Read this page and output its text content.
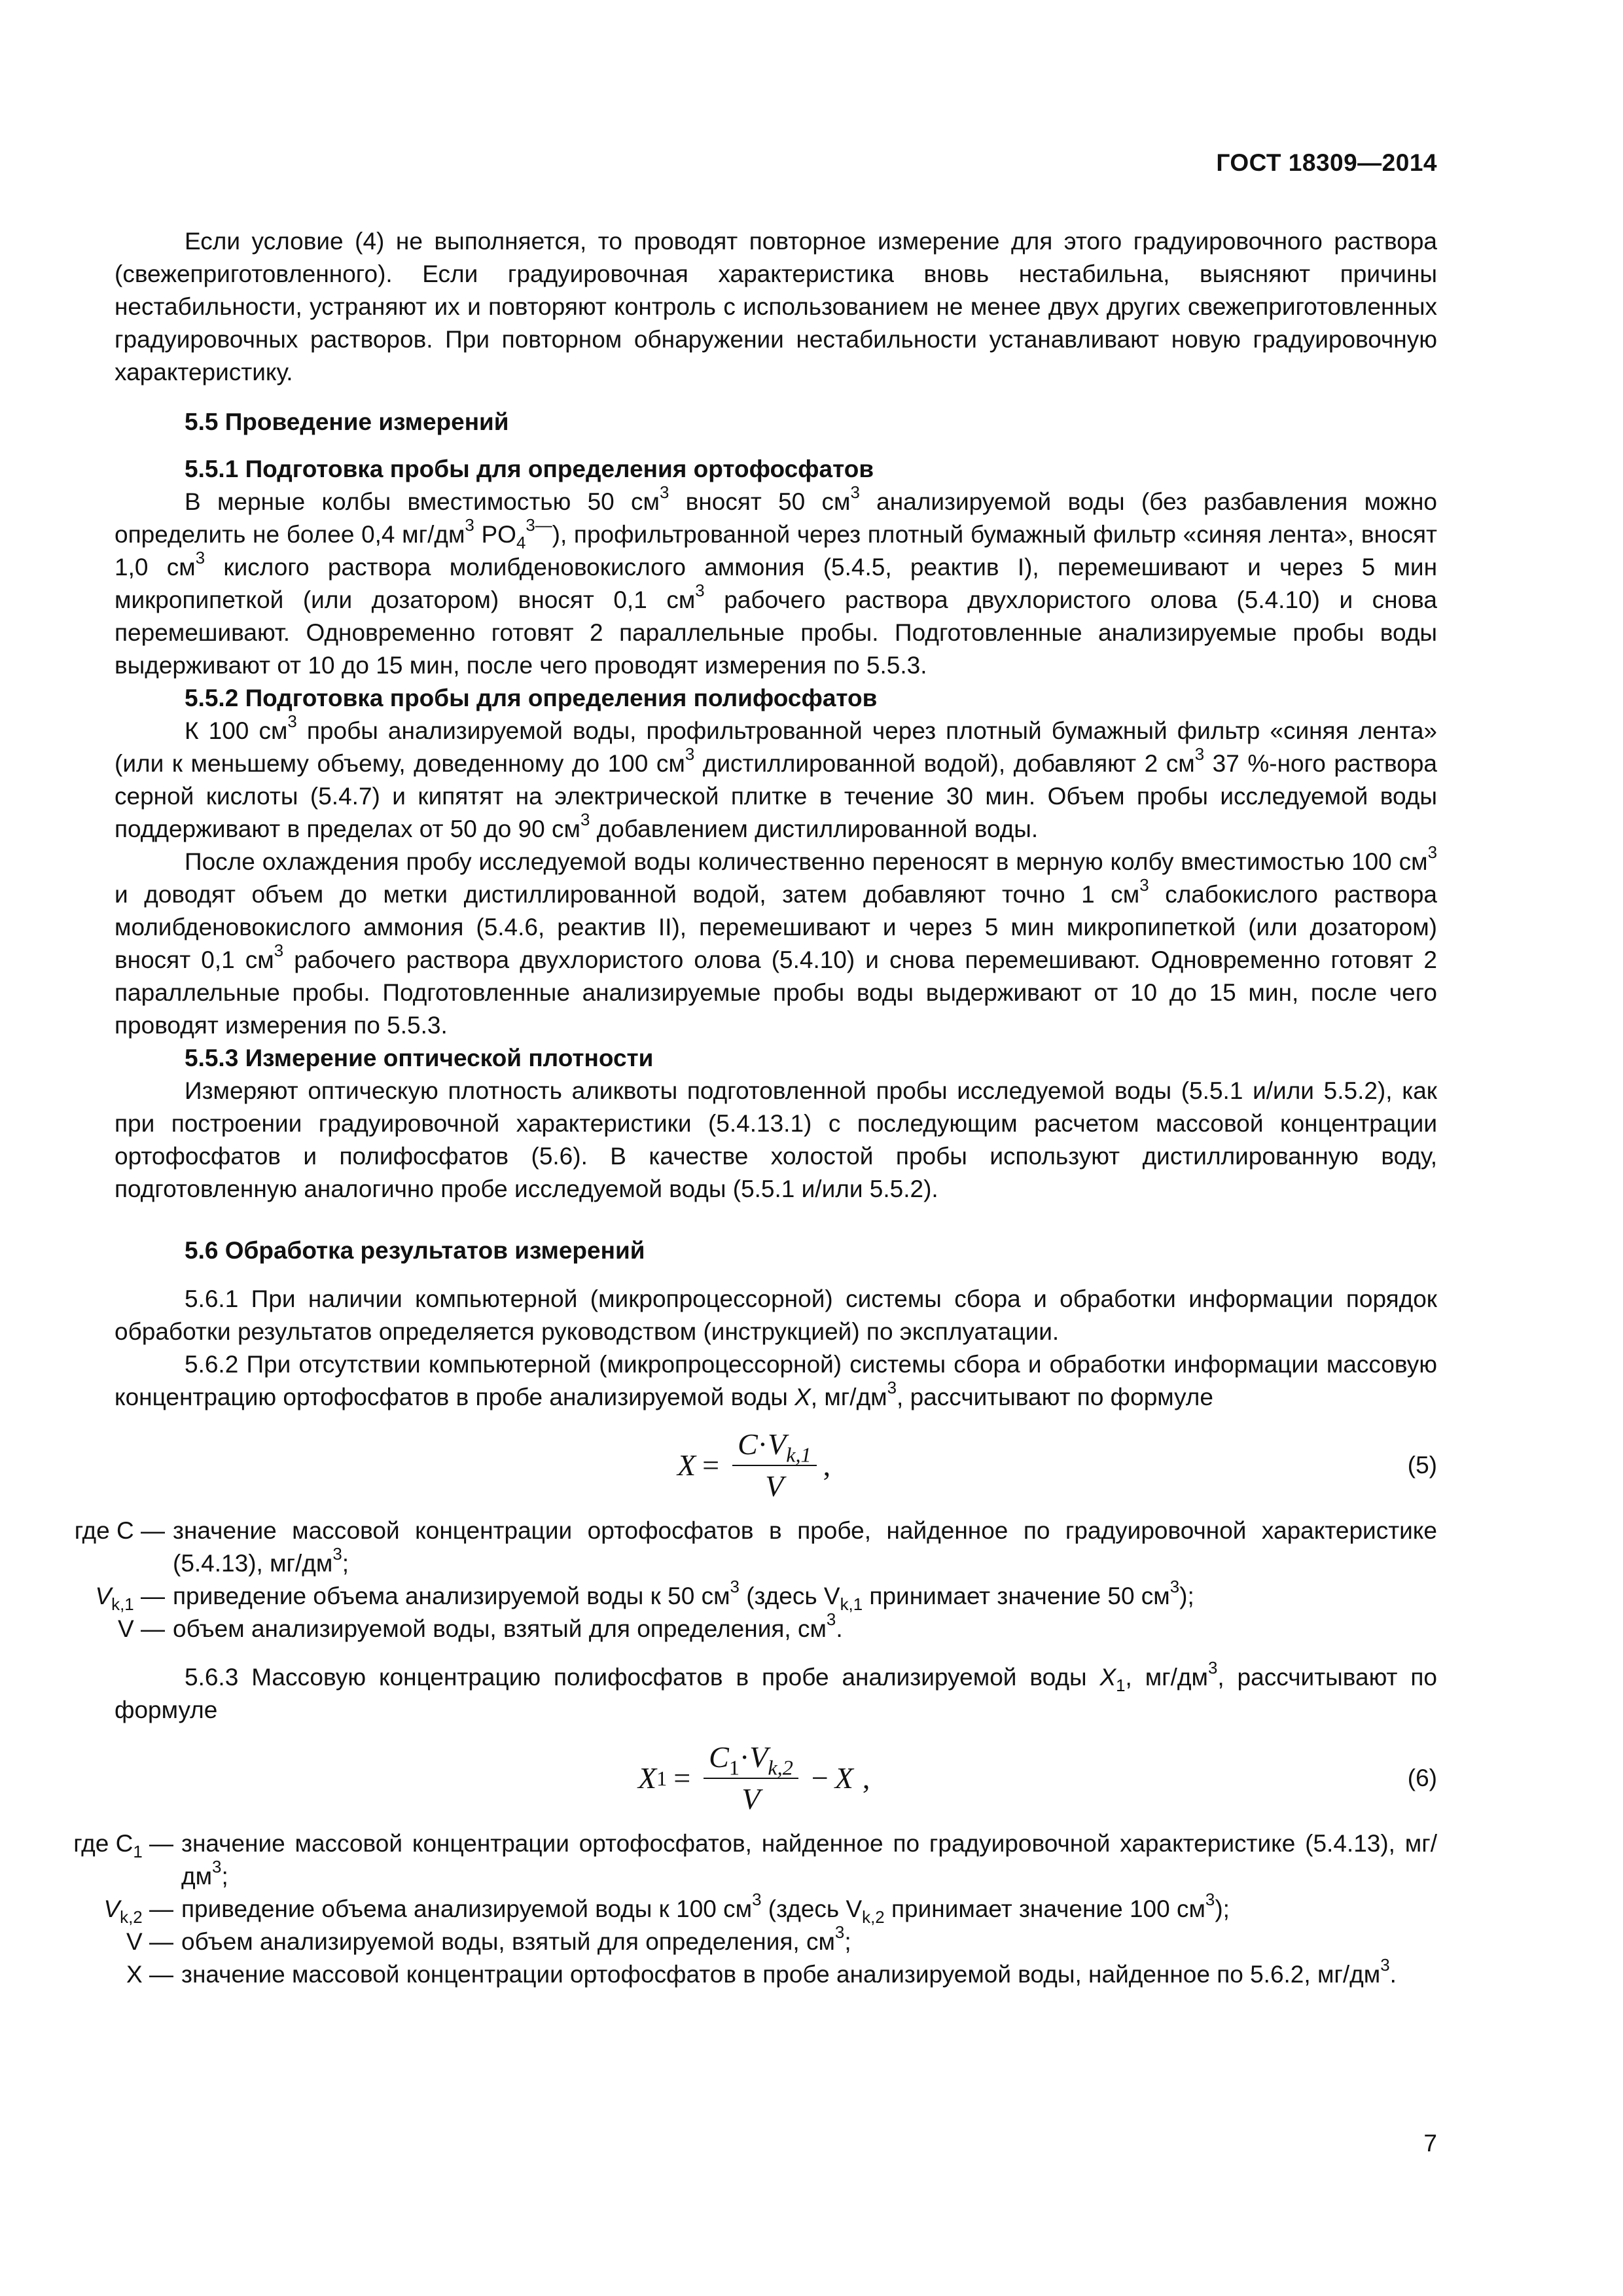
ГОСТ 18309—2014

Если условие (4) не выполняется, то проводят повторное измерение для этого градуировочного раствора (свежеприготовленного). Если градуировочная характеристика вновь нестабильна, выясняют причины нестабильности, устраняют их и повторяют контроль с использованием не менее двух других свежеприготовленных градуировочных растворов. При повторном обнаружении нестабильности устанавливают новую градуировочную характеристику.

5.5 Проведение измерений
5.5.1 Подготовка пробы для определения ортофосфатов

В мерные колбы вместимостью 50 $см^3$ вносят 50 $см^3$ анализируемой воды (без разбавления можно определить не более 0,4 $мг/дм^3$ $PO_4^{3—}$), профильтрованной через плотный бумажный фильтр «синяя лента», вносят 1,0 $см^3$ кислого раствора молибденовокислого аммония (5.4.5, реактив I), перемешивают и через 5 мин микропипеткой (или дозатором) вносят 0,1 $см^3$ рабочего раствора двухлористого олова (5.4.10) и снова перемешивают. Одновременно готовят 2 параллельные пробы. Подготовленные анализируемые пробы воды выдерживают от 10 до 15 мин, после чего проводят измерения по 5.5.3.

5.5.2 Подготовка пробы для определения полифосфатов

К 100 $см^3$ пробы анализируемой воды, профильтрованной через плотный бумажный фильтр «синяя лента» (или к меньшему объему, доведенному до 100 $см^3$ дистиллированной водой), добавляют 2 $см^3$ 37 %-ного раствора серной кислоты (5.4.7) и кипятят на электрической плитке в течение 30 мин. Объем пробы исследуемой воды поддерживают в пределах от 50 до 90 $см^3$ добавлением дистиллированной воды.

После охлаждения пробу исследуемой воды количественно переносят в мерную колбу вместимостью 100 $см^3$ и доводят объем до метки дистиллированной водой, затем добавляют точно 1 $см^3$ слабокислого раствора молибденовокислого аммония (5.4.6, реактив II), перемешивают и через 5 мин микропипеткой (или дозатором) вносят 0,1 $см^3$ рабочего раствора двухлористого олова (5.4.10) и снова перемешивают. Одновременно готовят 2 параллельные пробы. Подготовленные анализируемые пробы воды выдерживают от 10 до 15 мин, после чего проводят измерения по 5.5.3.

5.5.3 Измерение оптической плотности

Измеряют оптическую плотность аликвоты подготовленной пробы исследуемой воды (5.5.1 и/или 5.5.2), как при построении градуировочной характеристики (5.4.13.1) с последующим расчетом массовой концентрации ортофосфатов и полифосфатов (5.6). В качестве холостой пробы используют дистиллированную воду, подготовленную аналогично пробе исследуемой воды (5.5.1 и/или 5.5.2).

5.6 Обработка результатов измерений

5.6.1 При наличии компьютерной (микропроцессорной) системы сбора и обработки информации порядок обработки результатов определяется руководством (инструкцией) по эксплуатации.

5.6.2 При отсутствии компьютерной (микропроцессорной) системы сбора и обработки информации массовую концентрацию ортофосфатов в пробе анализируемой воды X, $мг/дм^3$, рассчитывают по формуле

$X = \frac{C\cdot V_{k,1}}{V}$ ,	(5)
где C — значение массовой концентрации ортофосфатов в пробе, найденное по градуировочной характеристике (5.4.13), $мг/дм^3$;
$V_{k,1}$ — приведение объема анализируемой воды к 50 $см^3$ (здесь $V_{k,1}$ принимает значение 50 $см^3$);
V — объем анализируемой воды, взятый для определения, $см^3$.

5.6.3 Массовую концентрацию полифосфатов в пробе анализируемой воды $X_1$, $мг/дм^3$, рассчитывают по формуле

X $1 = \frac{C_1\cdot V_{k,2}}{V} - X$ ,	(6)
где $C_1$ — значение массовой концентрации ортофосфатов, найденное по градуировочной характеристике (5.4.13), $мг/дм^3$;
$V_{k,2}$ — приведение объема анализируемой воды к 100 $см^3$ (здесь $V_{k,2}$ принимает значение 100 $см^3$);
V — объем анализируемой воды, взятый для определения, $см^3$;
X — значение массовой концентрации ортофосфатов в пробе анализируемой воды, найденное по 5.6.2, $мг/дм^3$.
7
